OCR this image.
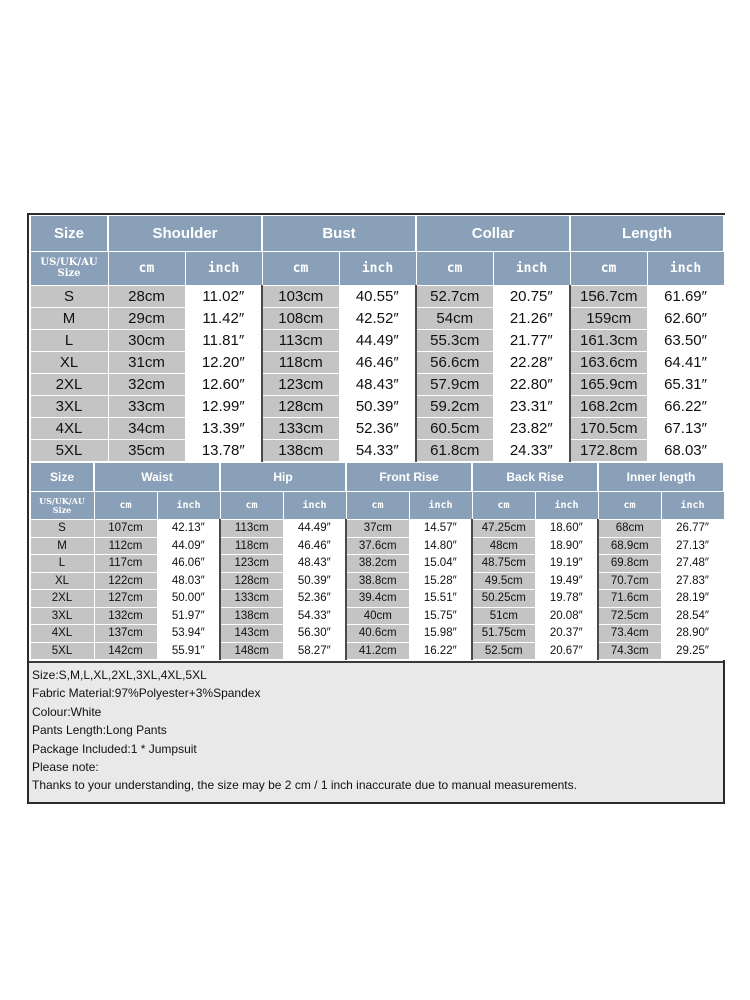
Size	Shoulder		Bust		Collar		Length	
US/UK/AU Size	cm	inch	cm	inch	cm	inch	cm	inch
S	28cm	11.02″	103cm	40.55″	52.7cm	20.75″	156.7cm	61.69″
M	29cm	11.42″	108cm	42.52″	54cm	21.26″	159cm	62.60″
L	30cm	11.81″	113cm	44.49″	55.3cm	21.77″	161.3cm	63.50″
XL	31cm	12.20″	118cm	46.46″	56.6cm	22.28″	163.6cm	64.41″
2XL	32cm	12.60″	123cm	48.43″	57.9cm	22.80″	165.9cm	65.31″
3XL	33cm	12.99″	128cm	50.39″	59.2cm	23.31″	168.2cm	66.22″
4XL	34cm	13.39″	133cm	52.36″	60.5cm	23.82″	170.5cm	67.13″
5XL	35cm	13.78″	138cm	54.33″	61.8cm	24.33″	172.8cm	68.03″
Size	Waist		Hip		Front Rise		Back Rise		Inner length	
US/UK/AU Size	cm	inch	cm	inch	cm	inch	cm	inch	cm	inch
S	107cm	42.13″	113cm	44.49″	37cm	14.57″	47.25cm	18.60″	68cm	26.77″
M	112cm	44.09″	118cm	46.46″	37.6cm	14.80″	48cm	18.90″	68.9cm	27.13″
L	117cm	46.06″	123cm	48.43″	38.2cm	15.04″	48.75cm	19.19″	69.8cm	27.48″
XL	122cm	48.03″	128cm	50.39″	38.8cm	15.28″	49.5cm	19.49″	70.7cm	27.83″
2XL	127cm	50.00″	133cm	52.36″	39.4cm	15.51″	50.25cm	19.78″	71.6cm	28.19″
3XL	132cm	51.97″	138cm	54.33″	40cm	15.75″	51cm	20.08″	72.5cm	28.54″
4XL	137cm	53.94″	143cm	56.30″	40.6cm	15.98″	51.75cm	20.37″	73.4cm	28.90″
5XL	142cm	55.91″	148cm	58.27″	41.2cm	16.22″	52.5cm	20.67″	74.3cm	29.25″
Size:S,M,L,XL,2XL,3XL,4XL,5XL
Fabric Material:97%Polyester+3%Spandex
Colour:White
Pants Length:Long Pants
Package Included:1 * Jumpsuit
Please note:
Thanks to your understanding, the size may be 2 cm / 1 inch inaccurate due to manual measurements.
